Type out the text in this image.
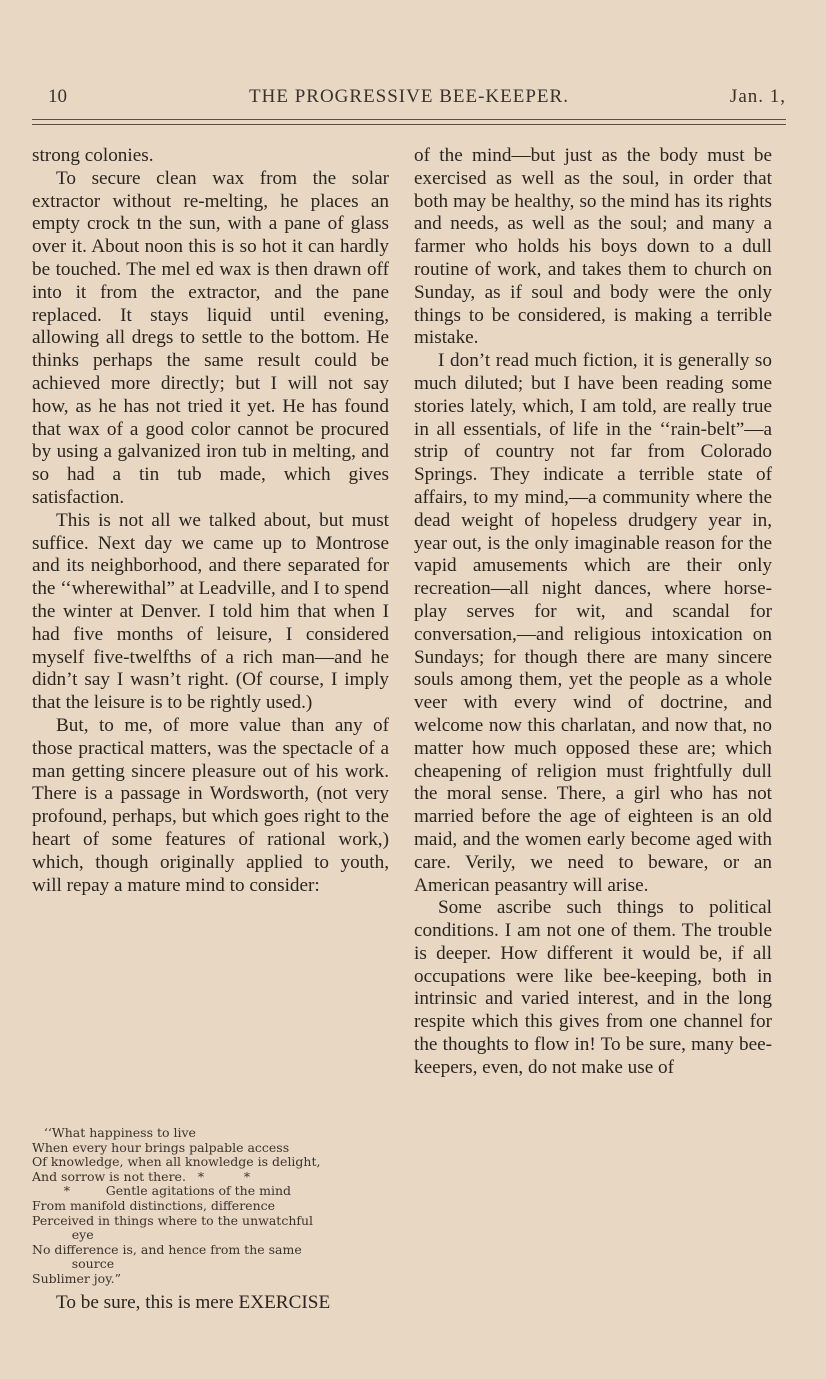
10	THE PROGRESSIVE BEE-KEEPER.	Jan. 1,

strong colonies.

To secure clean wax from the solar extractor without re-melting, he places an empty crock tn the sun, with a pane of glass over it. About noon this is so hot it can hardly be touched. The mel ed wax is then drawn off into it from the extractor, and the pane replaced. It stays liquid until evening, allowing all dregs to settle to the bottom. He thinks perhaps the same result could be achieved more directly; but I will not say how, as he has not tried it yet. He has found that wax of a good color cannot be procured by using a galvanized iron tub in melting, and so had a tin tub made, which gives satisfaction.

This is not all we talked about, but must suffice. Next day we came up to Montrose and its neighborhood, and there separated for the ‘‘wherewithal” at Leadville, and I to spend the winter at Denver. I told him that when I had five months of leisure, I considered myself five-twelfths of a rich man—and he didn’t say I wasn’t right. (Of course, I imply that the leisure is to be rightly used.)

But, to me, of more value than any of those practical matters, was the spectacle of a man getting sincere pleasure out of his work. There is a passage in Wordsworth, (not very profound, perhaps, but which goes right to the heart of some features of rational work,) which, though originally applied to youth, will repay a mature mind to consider:

‘‘What happiness to live
When every hour brings palpable access
Of knowledge, when all knowledge is delight,
And sorrow is not there.   *          *
*         Gentle agitations of the mind
From manifold distinctions, difference
Perceived in things where to the unwatchful
eye
No difference is, and hence from the same
source
Sublimer joy.”
To be sure, this is mere EXERCISE

of the mind—but just as the body must be exercised as well as the soul, in order that both may be healthy, so the mind has its rights and needs, as well as the soul; and many a farmer who holds his boys down to a dull routine of work, and takes them to church on Sunday, as if soul and body were the only things to be considered, is making a terrible mistake.

I don’t read much fiction, it is generally so much diluted; but I have been reading some stories lately, which, I am told, are really true in all essentials, of life in the ‘‘rain-belt”—a strip of country not far from Colorado Springs. They indicate a terrible state of affairs, to my mind,—a community where the dead weight of hopeless drudgery year in, year out, is the only imaginable reason for the vapid amusements which are their only recreation—all night dances, where horse-play serves for wit, and scandal for conversation,—and religious intoxication on Sundays; for though there are many sincere souls among them, yet the people as a whole veer with every wind of doctrine, and welcome now this charlatan, and now that, no matter how much opposed these are; which cheapening of religion must frightfully dull the moral sense. There, a girl who has not married before the age of eighteen is an old maid, and the women early become aged with care. Verily, we need to beware, or an American peasantry will arise.

Some ascribe such things to political conditions. I am not one of them. The trouble is deeper. How different it would be, if all occupations were like bee-keeping, both in intrinsic and varied interest, and in the long respite which this gives from one channel for the thoughts to flow in! To be sure, many bee-keepers, even, do not make use of
